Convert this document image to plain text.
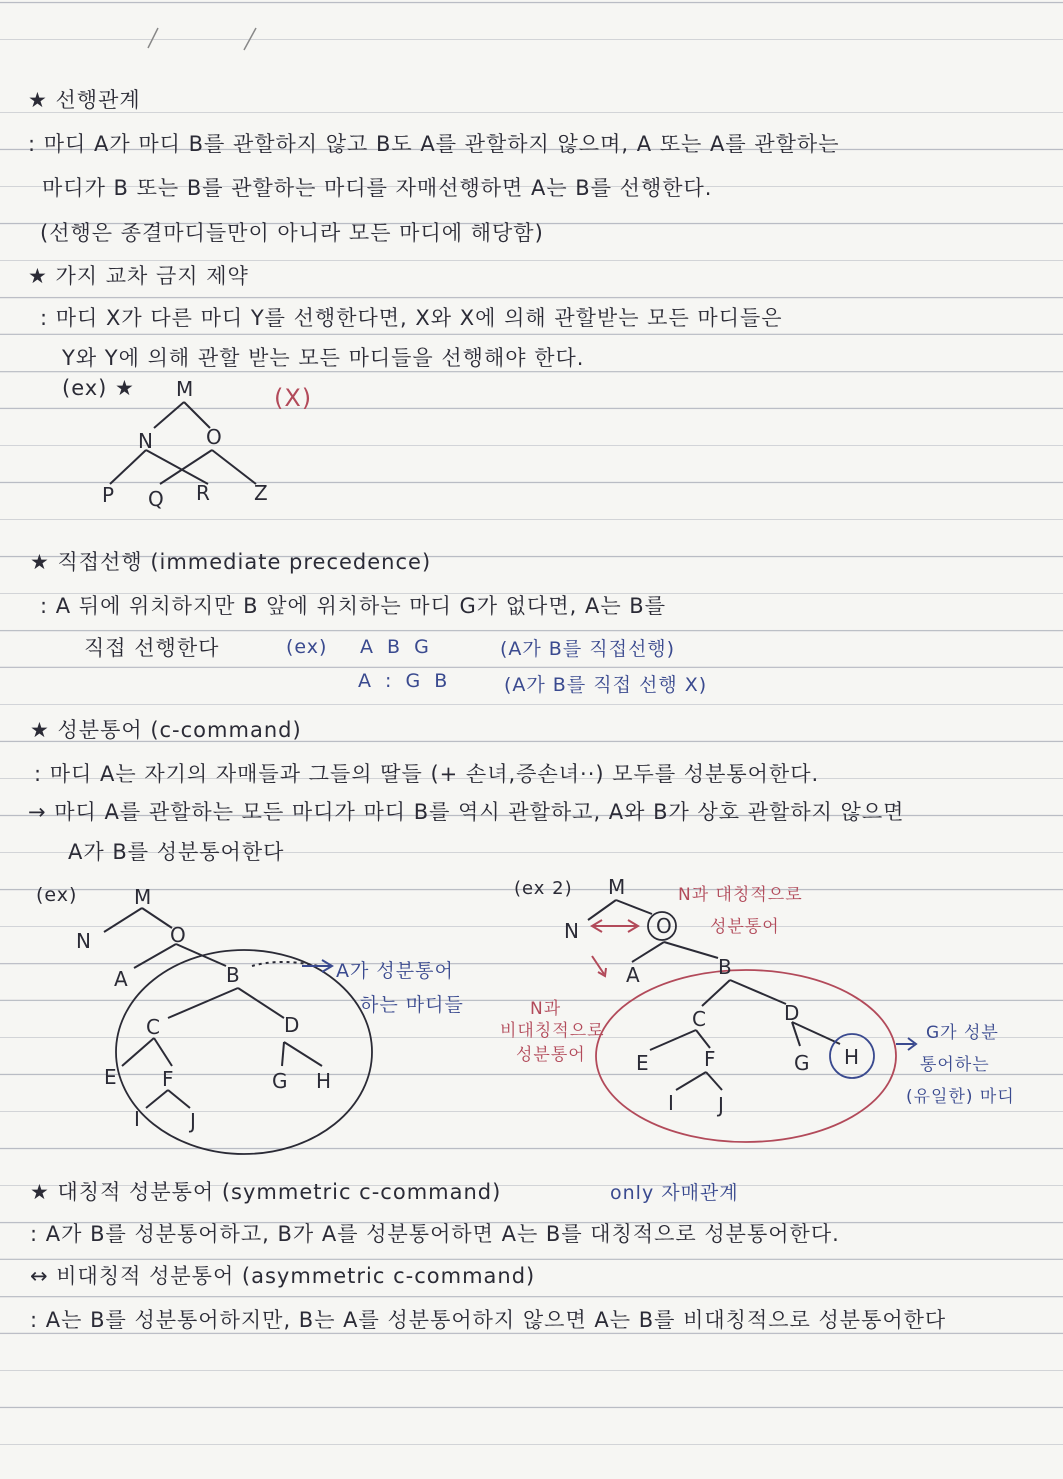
★ 선행관계
: 마디 A가 마디 B를 관할하지 않고 B도 A를 관할하지 않으며, A 또는 A를 관할하는
마디가 B 또는 B를 관할하는 마디를 자매선행하면 A는 B를 선행한다.
(선행은 종결마디들만이 아니라 모든 마디에 해당함)
★ 가지 교차 금지 제약
: 마디 X가 다른 마디 Y를 선행한다면, X와 X에 의해 관할받는 모든 마디들은
Y와 Y에 의해 관할 받는 모든 마디들을 선행해야 한다.
(ex) ★	(X)
M
N	O
P Q R Z
★ 직접선행 (immediate precedence)
: A 뒤에 위치하지만 B 앞에 위치하는 마디 G가 없다면, A는 B를
직접 선행한다	(ex) A B G	(A가 B를 직접선행)
A : G B	(A가 B를 직접 선행 X)
★ 성분통어 (c-command)
: 마디 A는 자기의 자매들과 그들의 딸들 (+ 손녀,증손녀··) 모두를 성분통어한다.
→ 마디 A를 관할하는 모든 마디가 마디 B를 역시 관할하고, A와 B가 상호 관할하지 않으면
A가 B를 성분통어한다
(ex)
A가 성분통어
하는 마디들
M
N	O
A	B
C	D
E F	G H
I	J
(ex 2)	N과 대칭적으로
성분통어
N과
비대칭적으로
성분통어
G가 성분
통어하는
(유일한) 마디
M
N	O
A	B
C	D
E	F	G H
I J
★ 대칭적 성분통어 (symmetric c-command)	only 자매관계
: A가 B를 성분통어하고, B가 A를 성분통어하면 A는 B를 대칭적으로 성분통어한다.
↔ 비대칭적 성분통어 (asymmetric c-command)
: A는 B를 성분통어하지만, B는 A를 성분통어하지 않으면 A는 B를 비대칭적으로 성분통어한다
